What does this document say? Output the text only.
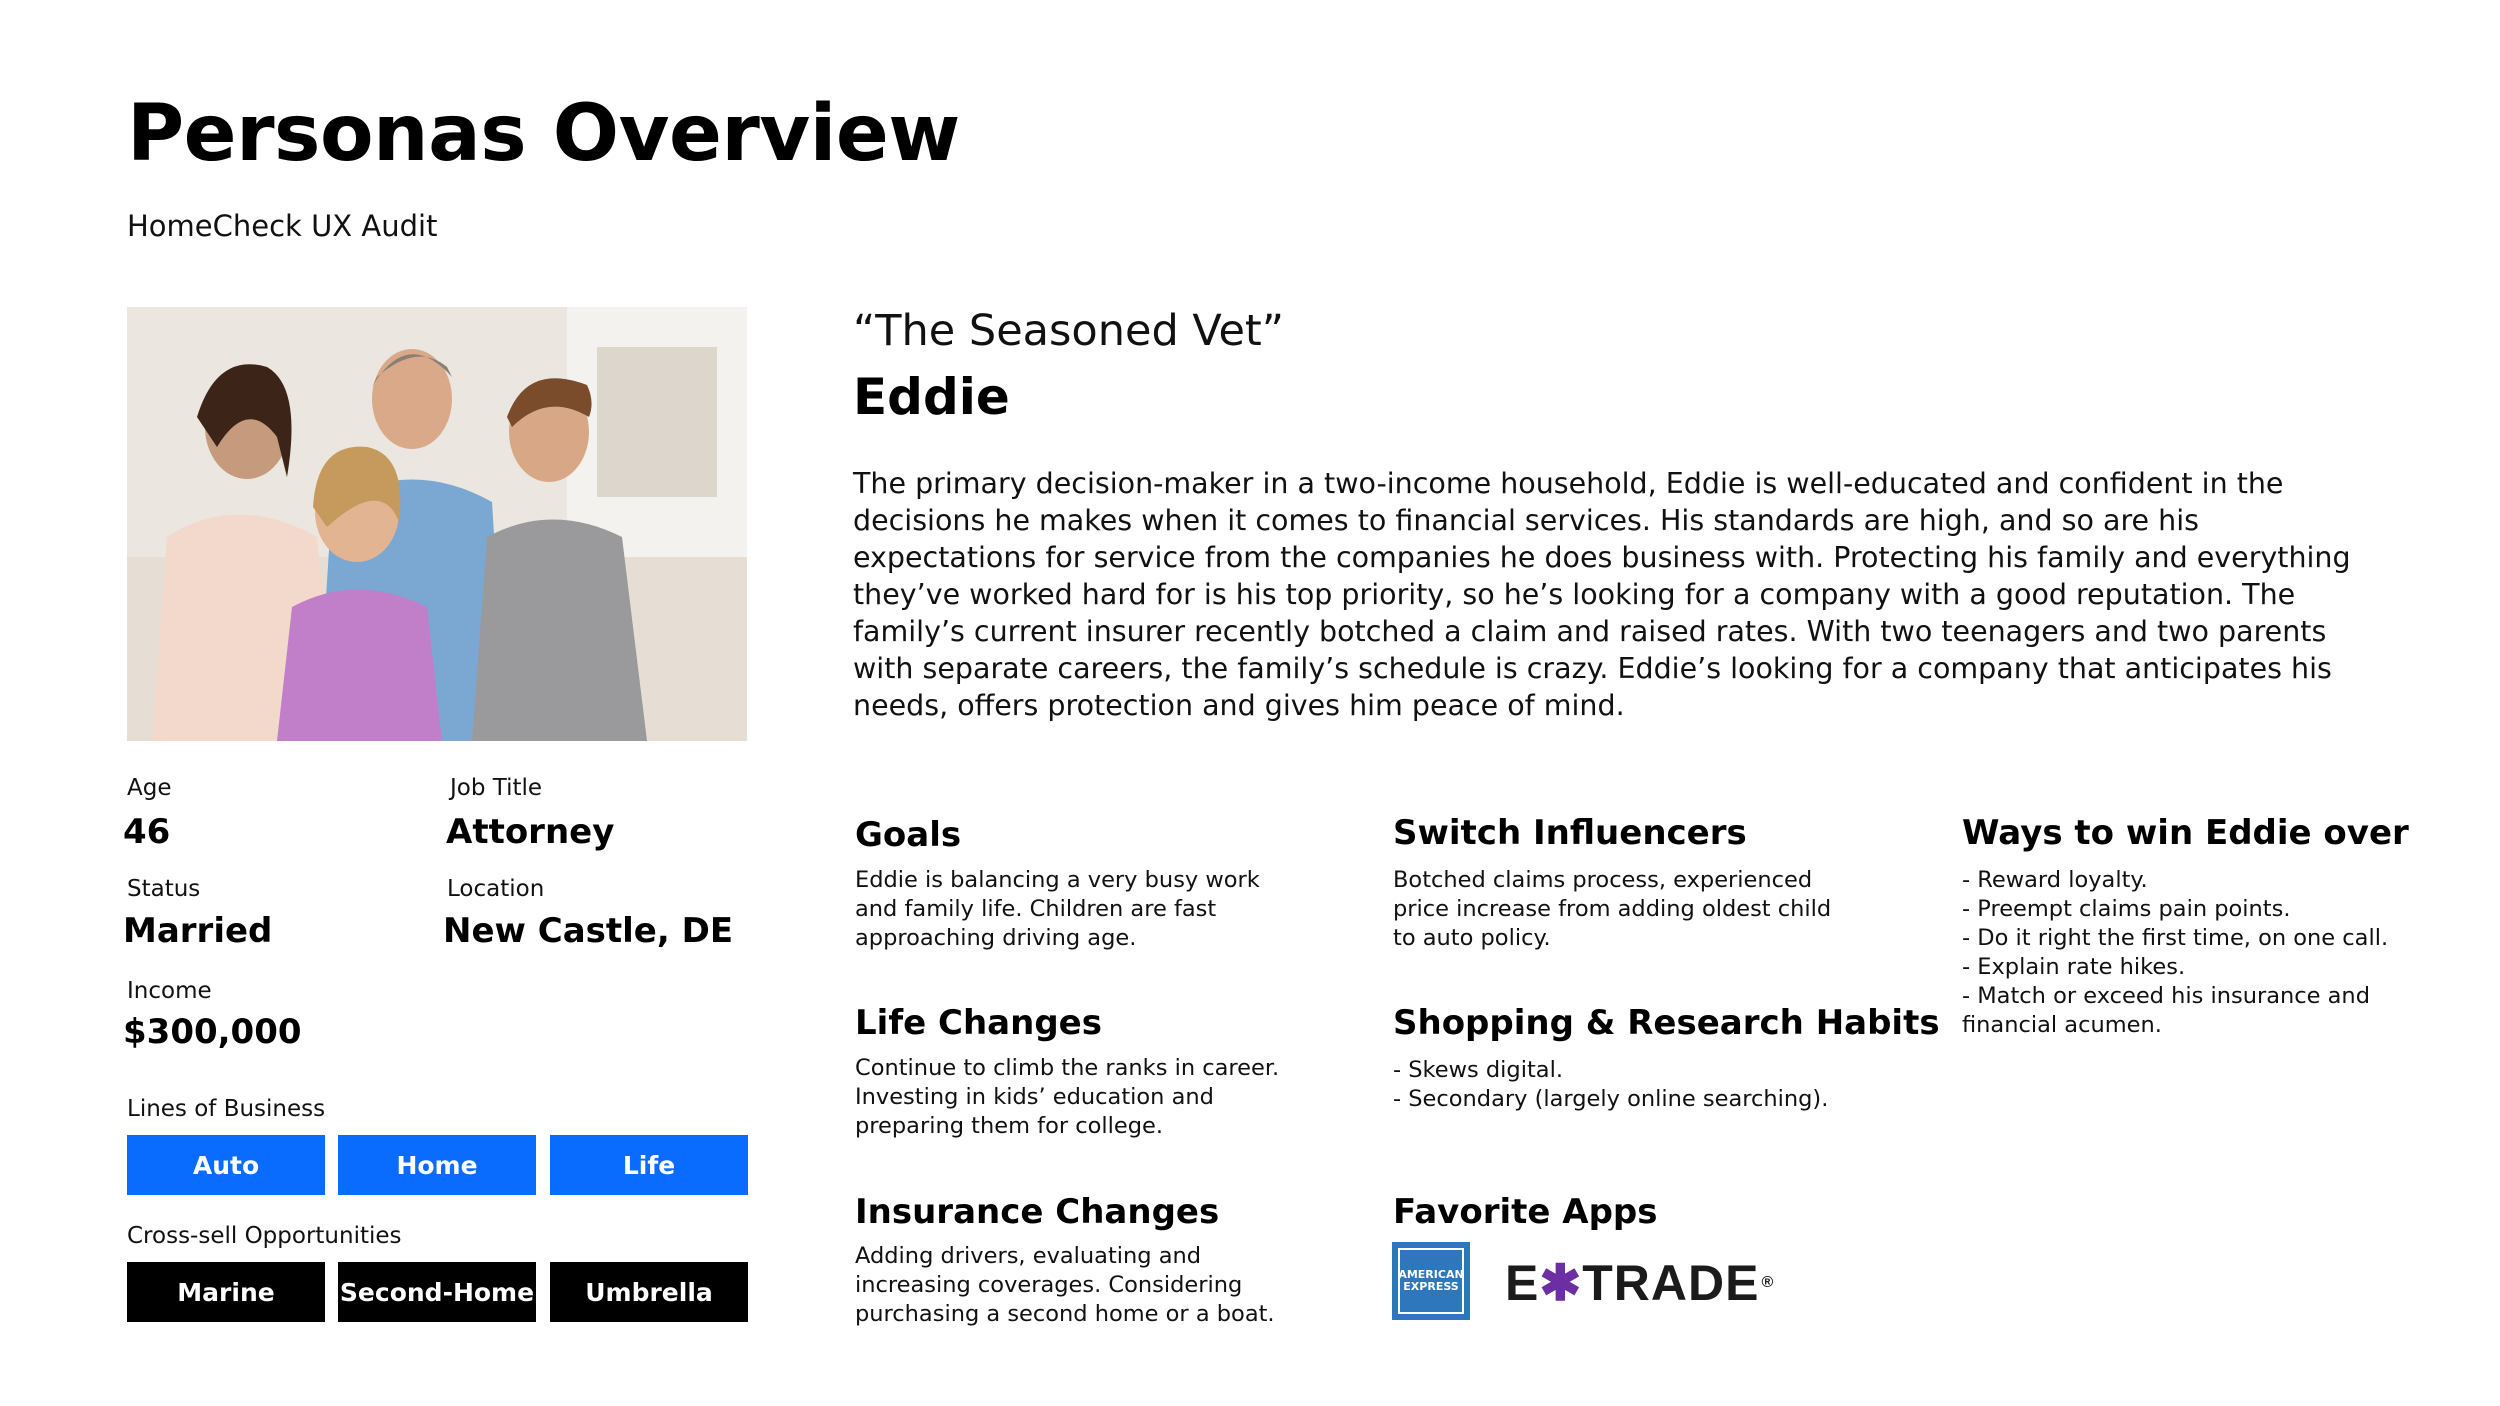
Personas Overview
HomeCheck UX Audit
Age
46
Job Title
Attorney
Status
Married
Location
New Castle, DE
Income
$300,000
Lines of Business
Auto	Home	Life
Cross-sell Opportunities
Marine	Second-Home	Umbrella
“The Seasoned Vet”
Eddie

The primary decision-maker in a two-income household, Eddie is well-educated and confident in the decisions he makes when it comes to financial services. His standards are high, and so are his expectations for service from the companies he does business with. Protecting his family and everything they’ve worked hard for is his top priority, so he’s looking for a company with a good reputation. The family’s current insurer recently botched a claim and raised rates. With two teenagers and two parents with separate careers, the family’s schedule is crazy. Eddie’s looking for a company that anticipates his needs, offers protection and gives him peace of mind.

Goals

Eddie is balancing a very busy work
and family life. Children are fast
approaching driving age.

Life Changes

Continue to climb the ranks in career.
Investing in kids’ education and
preparing them for college.

Insurance Changes

Adding drivers, evaluating and
increasing coverages. Considering
purchasing a second home or a boat.

Switch Influencers

Botched claims process, experienced
price increase from adding oldest child
to auto policy.

Shopping & Research Habits

- Skews digital.
- Secondary (largely online searching).

Favorite Apps
AMERICAN
EXPRESS E ✱ TRADE ®
Ways to win Eddie over

- Reward loyalty.
- Preempt claims pain points.
- Do it right the first time, on one call.
- Explain rate hikes.
- Match or exceed his insurance and
financial acumen.
